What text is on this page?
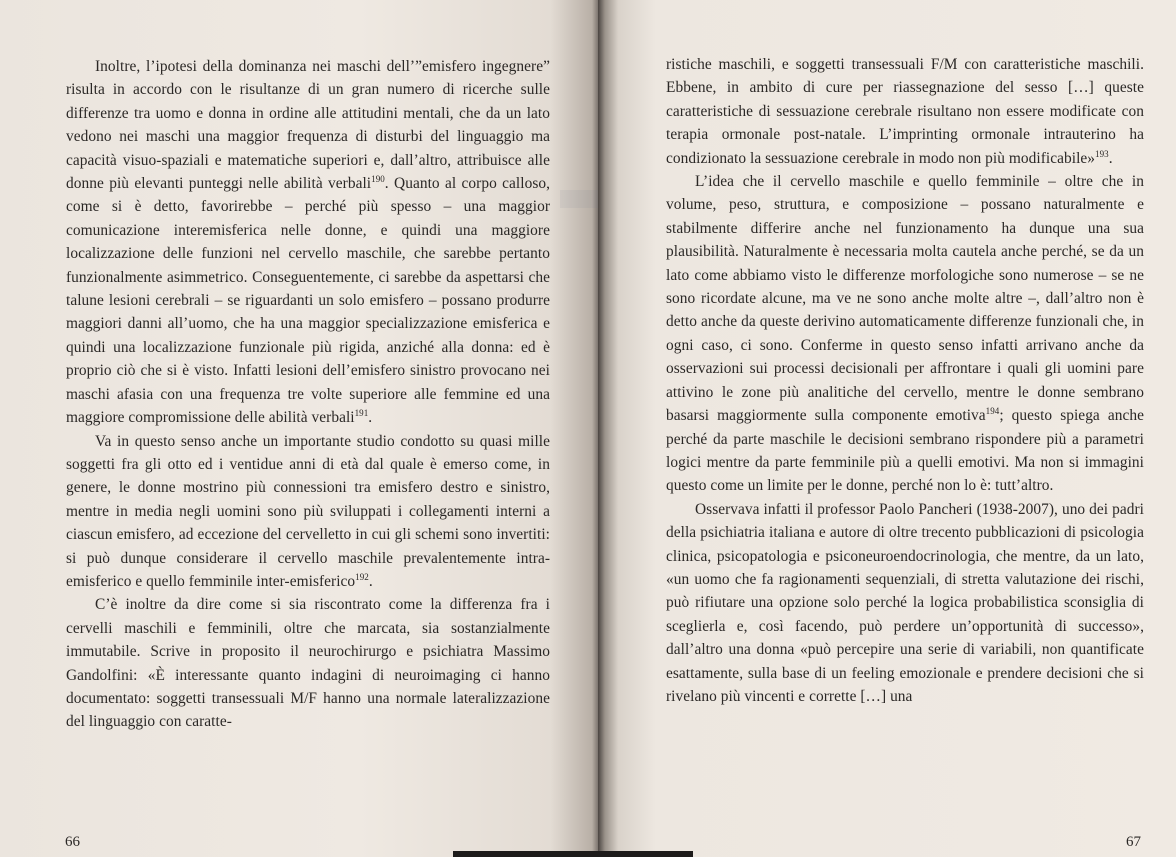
Inoltre, l’ipotesi della dominanza nei maschi dell’”emisfero ingegnere” risulta in accordo con le risultanze di un gran numero di ricerche sulle differenze tra uomo e donna in ordine alle attitudini mentali, che da un lato vedono nei maschi una maggior frequenza di disturbi del linguaggio ma capacità visuo-spaziali e matematiche superiori e, dall’altro, attribuisce alle donne più elevanti punteggi nelle abilità verbali$^{190}$. Quanto al corpo calloso, come si è detto, favorirebbe – perché più spesso – una maggior comunicazione interemisferica nelle donne, e quindi una maggiore localizzazione delle funzioni nel cervello maschile, che sarebbe pertanto funzionalmente asimmetrico. Conseguentemente, ci sarebbe da aspettarsi che talune lesioni cerebrali – se riguardanti un solo emisfero – possano produrre maggiori danni all’uomo, che ha una maggior specializzazione emisferica e quindi una localizzazione funzionale più rigida, anziché alla donna: ed è proprio ciò che si è visto. Infatti lesioni dell’emisfero sinistro provocano nei maschi afasia con una frequenza tre volte superiore alle femmine ed una maggiore compromissione delle abilità verbali$^{191}$.

Va in questo senso anche un importante studio condotto su quasi mille soggetti fra gli otto ed i ventidue anni di età dal quale è emerso come, in genere, le donne mostrino più connessioni tra emisfero destro e sinistro, mentre in media negli uomini sono più sviluppati i collegamenti interni a ciascun emisfero, ad eccezione del cervelletto in cui gli schemi sono invertiti: si può dunque considerare il cervello maschile prevalentemente intra-emisferico e quello femminile inter-emisferico$^{192}$.

C’è inoltre da dire come si sia riscontrato come la differenza fra i cervelli maschili e femminili, oltre che marcata, sia sostanzialmente immutabile. Scrive in proposito il neurochirurgo e psichiatra Massimo Gandolfini: «È interessante quanto indagini di neuroimaging ci hanno documentato: soggetti transessuali M/F hanno una normale lateralizzazione del linguaggio con caratte-

66

ristiche maschili, e soggetti transessuali F/M con caratteristiche maschili. Ebbene, in ambito di cure per riassegnazione del sesso […] queste caratteristiche di sessuazione cerebrale risultano non essere modificate con terapia ormonale post-natale. L’imprinting ormonale intrauterino ha condizionato la sessuazione cerebrale in modo non più modificabile»$^{193}$.

L’idea che il cervello maschile e quello femminile – oltre che in volume, peso, struttura, e composizione – possano naturalmente e stabilmente differire anche nel funzionamento ha dunque una sua plausibilità. Naturalmente è necessaria molta cautela anche perché, se da un lato come abbiamo visto le differenze morfologiche sono numerose – se ne sono ricordate alcune, ma ve ne sono anche molte altre –, dall’altro non è detto anche da queste derivino automaticamente differenze funzionali che, in ogni caso, ci sono. Conferme in questo senso infatti arrivano anche da osservazioni sui processi decisionali per affrontare i quali gli uomini pare attivino le zone più analitiche del cervello, mentre le donne sembrano basarsi maggiormente sulla componente emotiva$^{194}$; questo spiega anche perché da parte maschile le decisioni sembrano rispondere più a parametri logici mentre da parte femminile più a quelli emotivi. Ma non si immagini questo come un limite per le donne, perché non lo è: tutt’altro.

Osservava infatti il professor Paolo Pancheri (1938-2007), uno dei padri della psichiatria italiana e autore di oltre trecento pubblicazioni di psicologia clinica, psicopatologia e psiconeuroendocrinologia, che mentre, da un lato, «un uomo che fa ragionamenti sequenziali, di stretta valutazione dei rischi, può rifiutare una opzione solo perché la logica probabilistica sconsiglia di sceglierla e, così facendo, può perdere un’opportunità di successo», dall’altro una donna «può percepire una serie di variabili, non quantificate esattamente, sulla base di un feeling emozionale e prendere decisioni che si rivelano più vincenti e corrette […] una

67
